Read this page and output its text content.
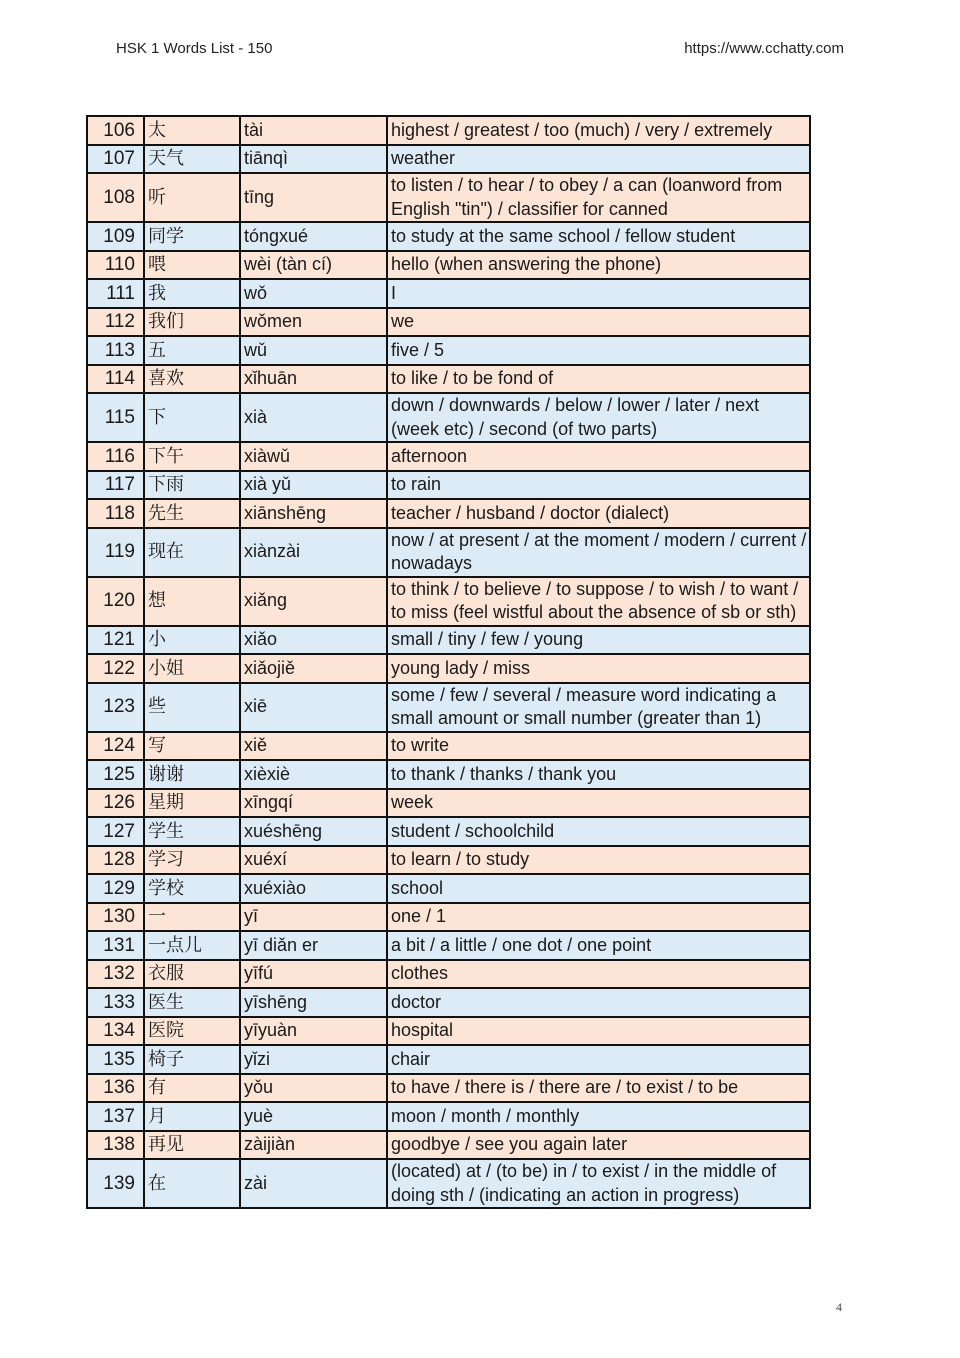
HSK 1 Words List - 150	https://www.cchatty.com
106	太	tài	highest / greatest / too (much) / very / extremely
107	天气	tiānqì	weather
108	听	tīng	to listen / to hear / to obey / a can (loanword from English "tin") / classifier for canned
109	同学	tóngxué	to study at the same school / fellow student
110	喂	wèi (tàn cí)	hello (when answering the phone)
111	我	wǒ	I
112	我们	wǒmen	we
113	五	wǔ	five / 5
114	喜欢	xǐhuān	to like / to be fond of
115	下	xià	down / downwards / below / lower / later / next (week etc) / second (of two parts)
116	下午	xiàwǔ	afternoon
117	下雨	xià yǔ	to rain
118	先生	xiānshēng	teacher / husband / doctor (dialect)
119	现在	xiànzài	now / at present / at the moment / modern / current / nowadays
120	想	xiǎng	to think / to believe / to suppose / to wish / to want / to miss (feel wistful about the absence of sb or sth)
121	小	xiǎo	small / tiny / few / young
122	小姐	xiǎojiě	young lady / miss
123	些	xiē	some / few / several / measure word indicating a small amount or small number (greater than 1)
124	写	xiě	to write
125	谢谢	xièxiè	to thank / thanks / thank you
126	星期	xīngqí	week
127	学生	xuéshēng	student / schoolchild
128	学习	xuéxí	to learn / to study
129	学校	xuéxiào	school
130	一	yī	one / 1
131	一点儿	yī diǎn er	a bit / a little / one dot / one point
132	衣服	yīfú	clothes
133	医生	yīshēng	doctor
134	医院	yīyuàn	hospital
135	椅子	yǐzi	chair
136	有	yǒu	to have / there is / there are / to exist / to be
137	月	yuè	moon / month / monthly
138	再见	zàijiàn	goodbye / see you again later
139	在	zài	(located) at / (to be) in / to exist / in the middle of doing sth / (indicating an action in progress)
4
